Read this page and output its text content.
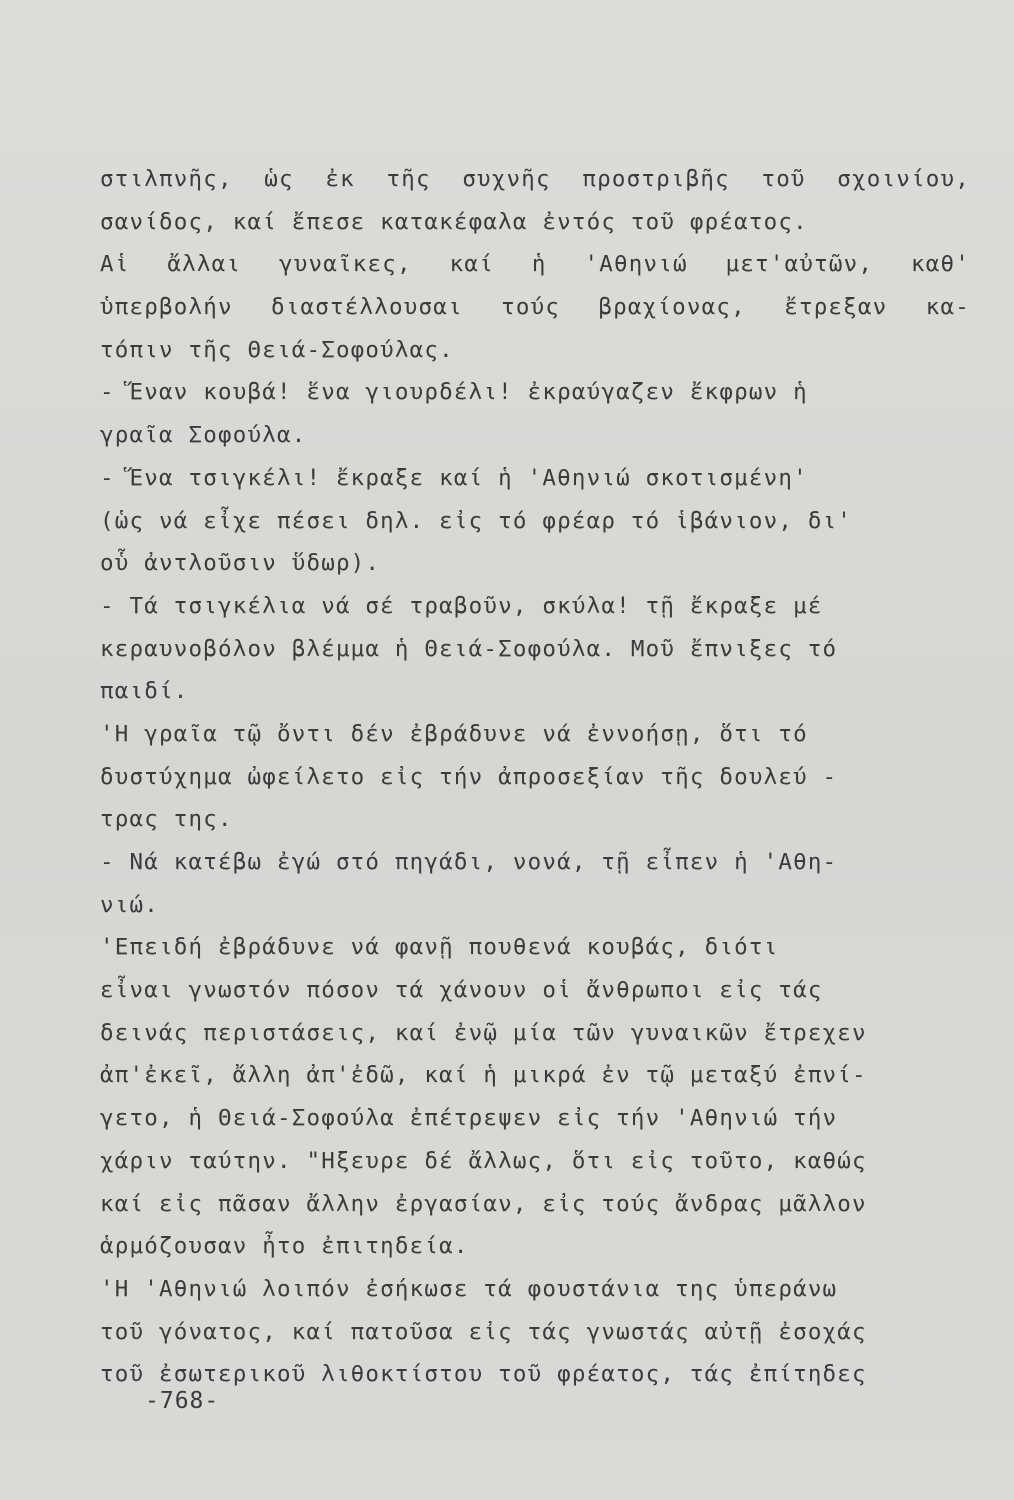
στιλπνῆς, ὡς ἐκ τῆς συχνῆς προστριβῆς τοῦ σχοινίου,
σανίδος, καί ἔπεσε κατακέφαλα ἐντός τοῦ φρέατος.
Αἱ ἄλλαι γυναῖκες, καί ἡ 'Αθηνιώ μετ'αὐτῶν, καθ'
ὑπερβολήν διαστέλλουσαι τούς βραχίονας, ἔτρεξαν κα-
τόπιν τῆς Θειά-Σοφούλας.
- Ἕναν κουβά! ἕνα γιουρδέλι! ἐκραύγαζεν ἔκφρων ἡ
γραῖα Σοφούλα.
- Ἕνα τσιγκέλι! ἔκραξε καί ἡ 'Αθηνιώ σκοτισμένη'
(ὡς νά εἶχε πέσει δηλ. εἰς τό φρέαρ τό ἱβάνιον, δι'
οὗ ἀντλοῦσιν ὕδωρ).
- Τά τσιγκέλια νά σέ τραβοῦν, σκύλα! τῇ ἔκραξε μέ
κεραυνοβόλον βλέμμα ἡ Θειά-Σοφούλα. Μοῦ ἔπνιξες τό
παιδί.
'Η γραῖα τῷ ὄντι δέν ἐβράδυνε νά ἐννοήσῃ, ὅτι τό
δυστύχημα ὠφείλετο εἰς τήν ἀπροσεξίαν τῆς δουλεύ -
τρας της.
- Νά κατέβω ἐγώ στό πηγάδι, νονά, τῇ εἶπεν ἡ 'Αθη-
νιώ.
'Επειδή ἐβράδυνε νά φανῇ πουθενά κουβάς, διότι
εἶναι γνωστόν πόσον τά χάνουν οἱ ἄνθρωποι εἰς τάς
δεινάς περιστάσεις, καί ἐνῷ μία τῶν γυναικῶν ἔτρεχεν
ἀπ'ἐκεῖ, ἄλλη ἀπ'ἐδῶ, καί ἡ μικρά ἐν τῷ μεταξύ ἐπνί-
γετο, ἡ Θειά-Σοφούλα ἐπέτρεψεν εἰς τήν 'Αθηνιώ τήν
χάριν ταύτην. "Ηξευρε δέ ἄλλως, ὅτι εἰς τοῦτο, καθώς
καί εἰς πᾶσαν ἄλλην ἐργασίαν, εἰς τούς ἄνδρας μᾶλλον
ἁρμόζουσαν ἦτο ἐπιτηδεία.
'Η 'Αθηνιώ λοιπόν ἐσήκωσε τά φουστάνια της ὑπεράνω
τοῦ γόνατος, καί πατοῦσα εἰς τάς γνωστάς αὐτῇ ἐσοχάς
τοῦ ἐσωτερικοῦ λιθοκτίστου τοῦ φρέατος, τάς ἐπίτηδες
-768-
